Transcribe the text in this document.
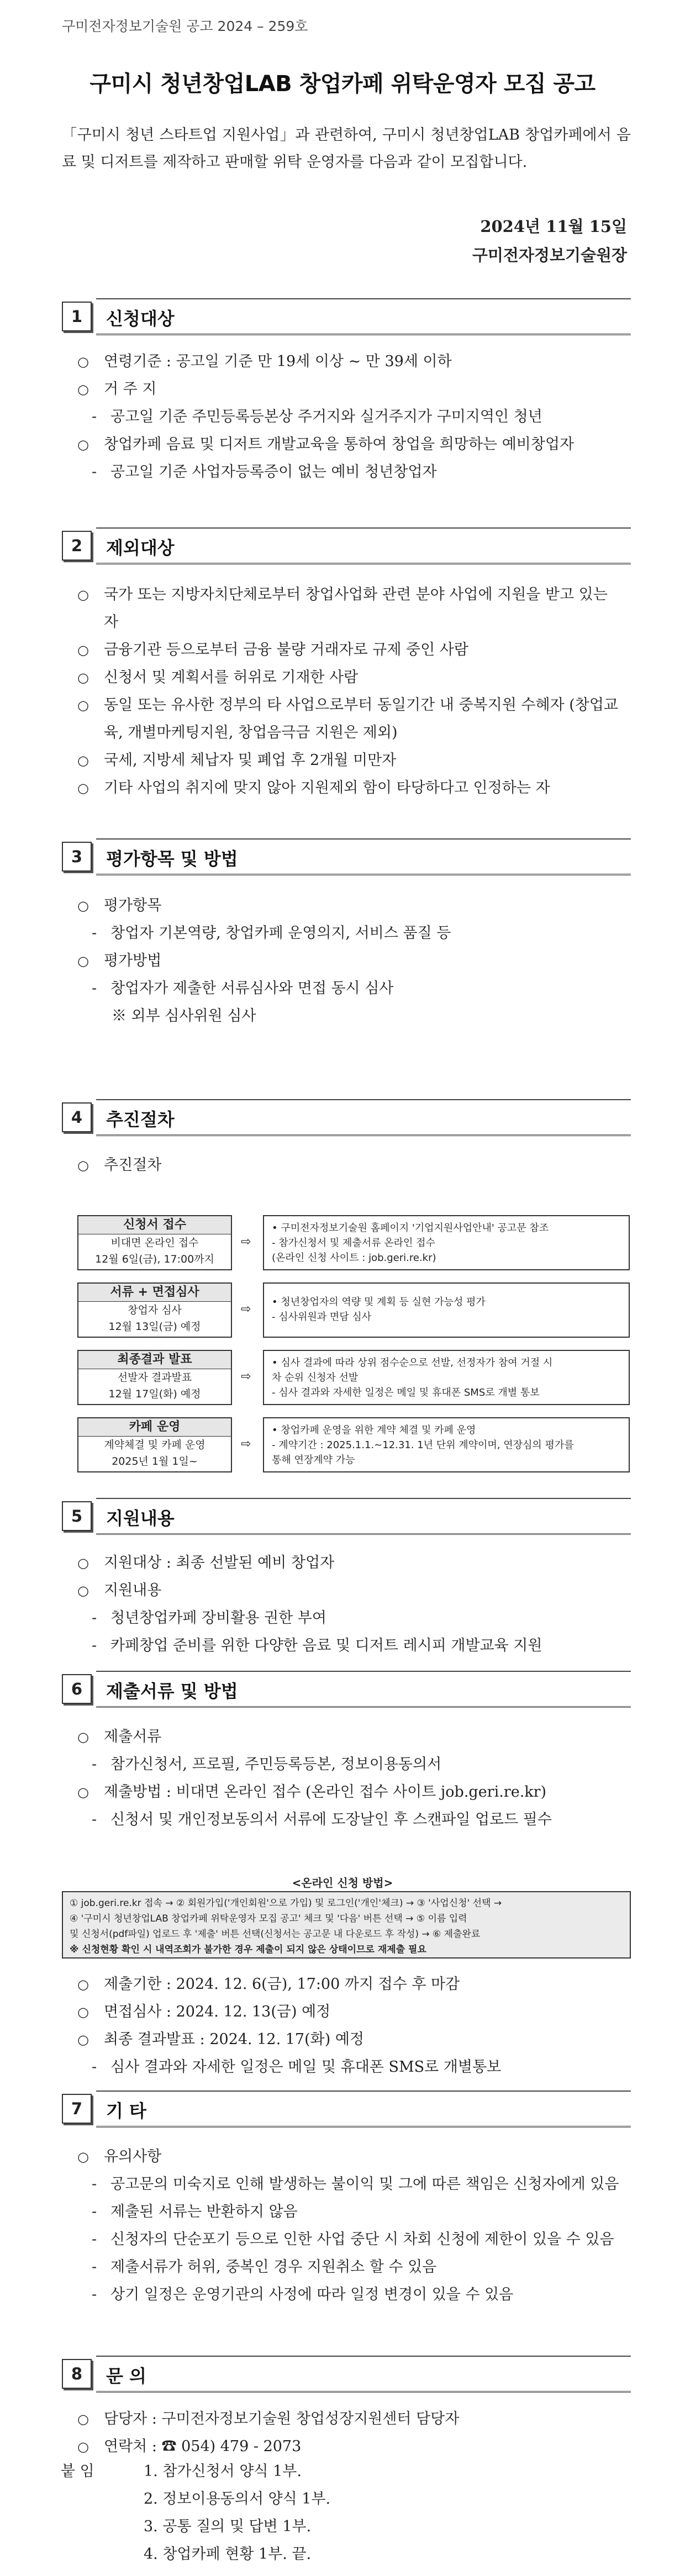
구미전자정보기술원 공고 2024 – 259호
구미시 청년창업LAB 창업카페 위탁운영자 모집 공고
「구미시 청년 스타트업 지원사업」과 관련하여, 구미시 청년창업LAB 창업카페에서 음료 및 디저트를 제작하고 판매할 위탁 운영자를 다음과 같이 모집합니다.
2024년 11월 15일
구미전자정보기술원장
1	신청대상
○ 연령기준 : 공고일 기준 만 19세 이상 ~ 만 39세 이하
○ 거 주 지
- 공고일 기준 주민등록등본상 주거지와 실거주지가 구미지역인 청년
○ 창업카페 음료 및 디저트 개발교육을 통하여 창업을 희망하는 예비창업자
- 공고일 기준 사업자등록증이 없는 예비 청년창업자
2	제외대상
○ 국가 또는 지방자치단체로부터 창업사업화 관련 분야 사업에 지원을 받고 있는 자
○ 금융기관 등으로부터 금융 불량 거래자로 규제 중인 사람
○ 신청서 및 계획서를 허위로 기재한 사람
○ 동일 또는 유사한 정부의 타 사업으로부터 동일기간 내 중복지원 수혜자 (창업교육, 개별마케팅지원, 창업음극금 지원은 제외)
○ 국세, 지방세 체납자 및 폐업 후 2개월 미만자
○ 기타 사업의 취지에 맞지 않아 지원제외 함이 타당하다고 인정하는 자
3	평가항목 및 방법
○ 평가항목
- 창업자 기본역량, 창업카페 운영의지, 서비스 품질 등
○ 평가방법
- 창업자가 제출한 서류심사와 면접 동시 심사
※ 외부 심사위원 심사
4	추진절차
○ 추진절차
신청서 접수
비대면 온라인 접수
12월 6일(금), 17:00까지
⇨
• 구미전자정보기술원 홈페이지 '기업지원사업안내' 공고문 참조
- 참가신청서 및 제출서류 온라인 접수
(온라인 신청 사이트 : job.geri.re.kr)
서류 + 면접심사
창업자 심사
12월 13일(금) 예정
⇨
• 청년창업자의 역량 및 계획 등 실현 가능성 평가
- 심사위원과 면담 심사
최종결과 발표
선발자 결과발표
12월 17일(화) 예정
⇨
• 심사 결과에 따라 상위 점수순으로 선발, 선정자가 참여 거절 시
차 순위 신청자 선발
- 심사 결과와 자세한 일정은 메일 및 휴대폰 SMS로 개별 통보
카페 운영
계약체결 및 카페 운영
2025년 1월 1일~
⇨
• 창업카페 운영을 위한 계약 체결 및 카페 운영
- 계약기간 : 2025.1.1.~12.31. 1년 단위 계약이며, 연장심의 평가를
통해 연장계약 가능
5	지원내용
○ 지원대상 : 최종 선발된 예비 창업자
○ 지원내용
- 청년창업카페 장비활용 권한 부여
- 카페창업 준비를 위한 다양한 음료 및 디저트 레시피 개발교육 지원
6	제출서류 및 방법
○ 제출서류
- 참가신청서, 프로필, 주민등록등본, 정보이용동의서
○ 제출방법 : 비대면 온라인 접수 (온라인 접수 사이트 job.geri.re.kr)
- 신청서 및 개인정보동의서 서류에 도장날인 후 스캔파일 업로드 필수
<온라인 신청 방법>
① job.geri.re.kr 접속 → ② 회원가입('개인회원'으로 가입) 및 로그인('개인'체크) → ③ '사업신청' 선택 →
④ '구미시 청년창업LAB 창업카페 위탁운영자 모집 공고' 체크 및 '다음' 버튼 선택 → ⑤ 이름 입력
및 신청서(pdf파일) 업로드 후 '제출' 버튼 선택(신청서는 공고문 내 다운로드 후 작성) → ⑥ 제출완료
※ 신청현황 확인 시 내역조회가 불가한 경우 제출이 되지 않은 상태이므로 재제출 필요
○ 제출기한 : 2024. 12. 6(금), 17:00 까지 접수 후 마감
○ 면접심사 : 2024. 12. 13(금) 예정
○ 최종 결과발표 : 2024. 12. 17(화) 예정
- 심사 결과와 자세한 일정은 메일 및 휴대폰 SMS로 개별통보
7	기 타
○ 유의사항
- 공고문의 미숙지로 인해 발생하는 불이익 및 그에 따른 책임은 신청자에게 있음
- 제출된 서류는 반환하지 않음
- 신청자의 단순포기 등으로 인한 사업 중단 시 차회 신청에 제한이 있을 수 있음
- 제출서류가 허위, 중복인 경우 지원취소 할 수 있음
- 상기 일정은 운영기관의 사정에 따라 일정 변경이 있을 수 있음
8	문 의
○ 담당자 : 구미전자정보기술원 창업성장지원센터 담당자
○ 연락처 : ☎ 054) 479 - 2073
붙 임	1. 참가신청서 양식 1부.
2. 정보이용동의서 양식 1부.
3. 공통 질의 및 답변 1부.
4. 창업카페 현황 1부. 끝.
